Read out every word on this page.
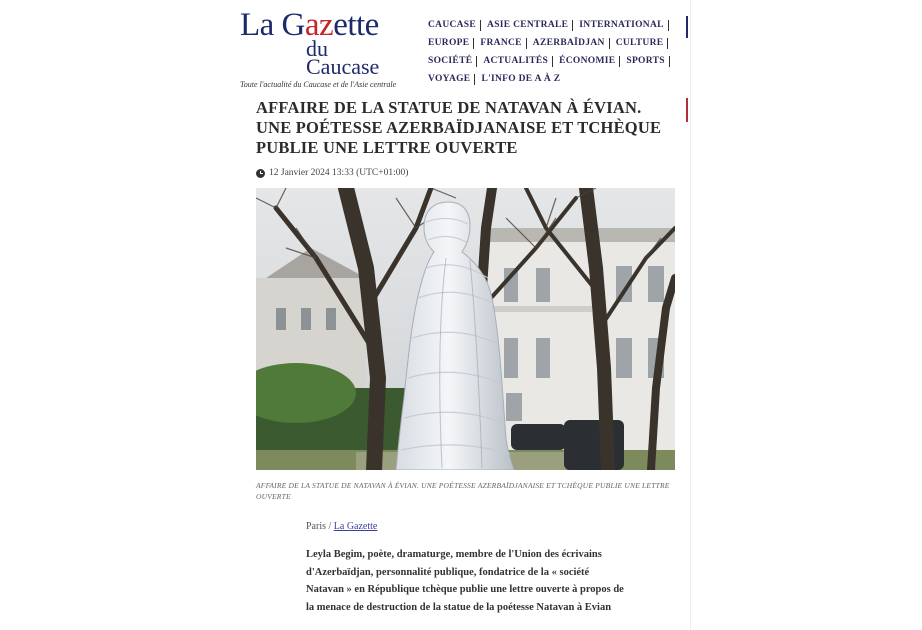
La Gazette
du Caucase
Toute l'actualité du Caucase et de l'Asie centrale
CAUCASE ASIE CENTRALE INTERNATIONAL
EUROPE FRANCE AZERBAÏDJAN CULTURE
SOCIÉTÉ ACTUALITÉS ÉCONOMIE SPORTS
VOYAGE L'INFO DE A À Z
AFFAIRE DE LA STATUE DE NATAVAN À ÉVIAN. UNE POÉTESSE AZERBAÏDJANAISE ET TCHÈQUE PUBLIE UNE LETTRE OUVERTE
12 Janvier 2024 13:33 (UTC+01:00)
AFFAIRE DE LA STATUE DE NATAVAN À ÉVIAN. UNE POÉTESSE AZERBAÏDJANAISE ET TCHÈQUE PUBLIE UNE LETTRE OUVERTE
Paris / La Gazette
Leyla Begim, poète, dramaturge, membre de l'Union des écrivains d'Azerbaïdjan, personnalité publique, fondatrice de la « société Natavan » en République tchèque publie une lettre ouverte à propos de la menace de destruction de la statue de la poétesse Natavan à Evian
